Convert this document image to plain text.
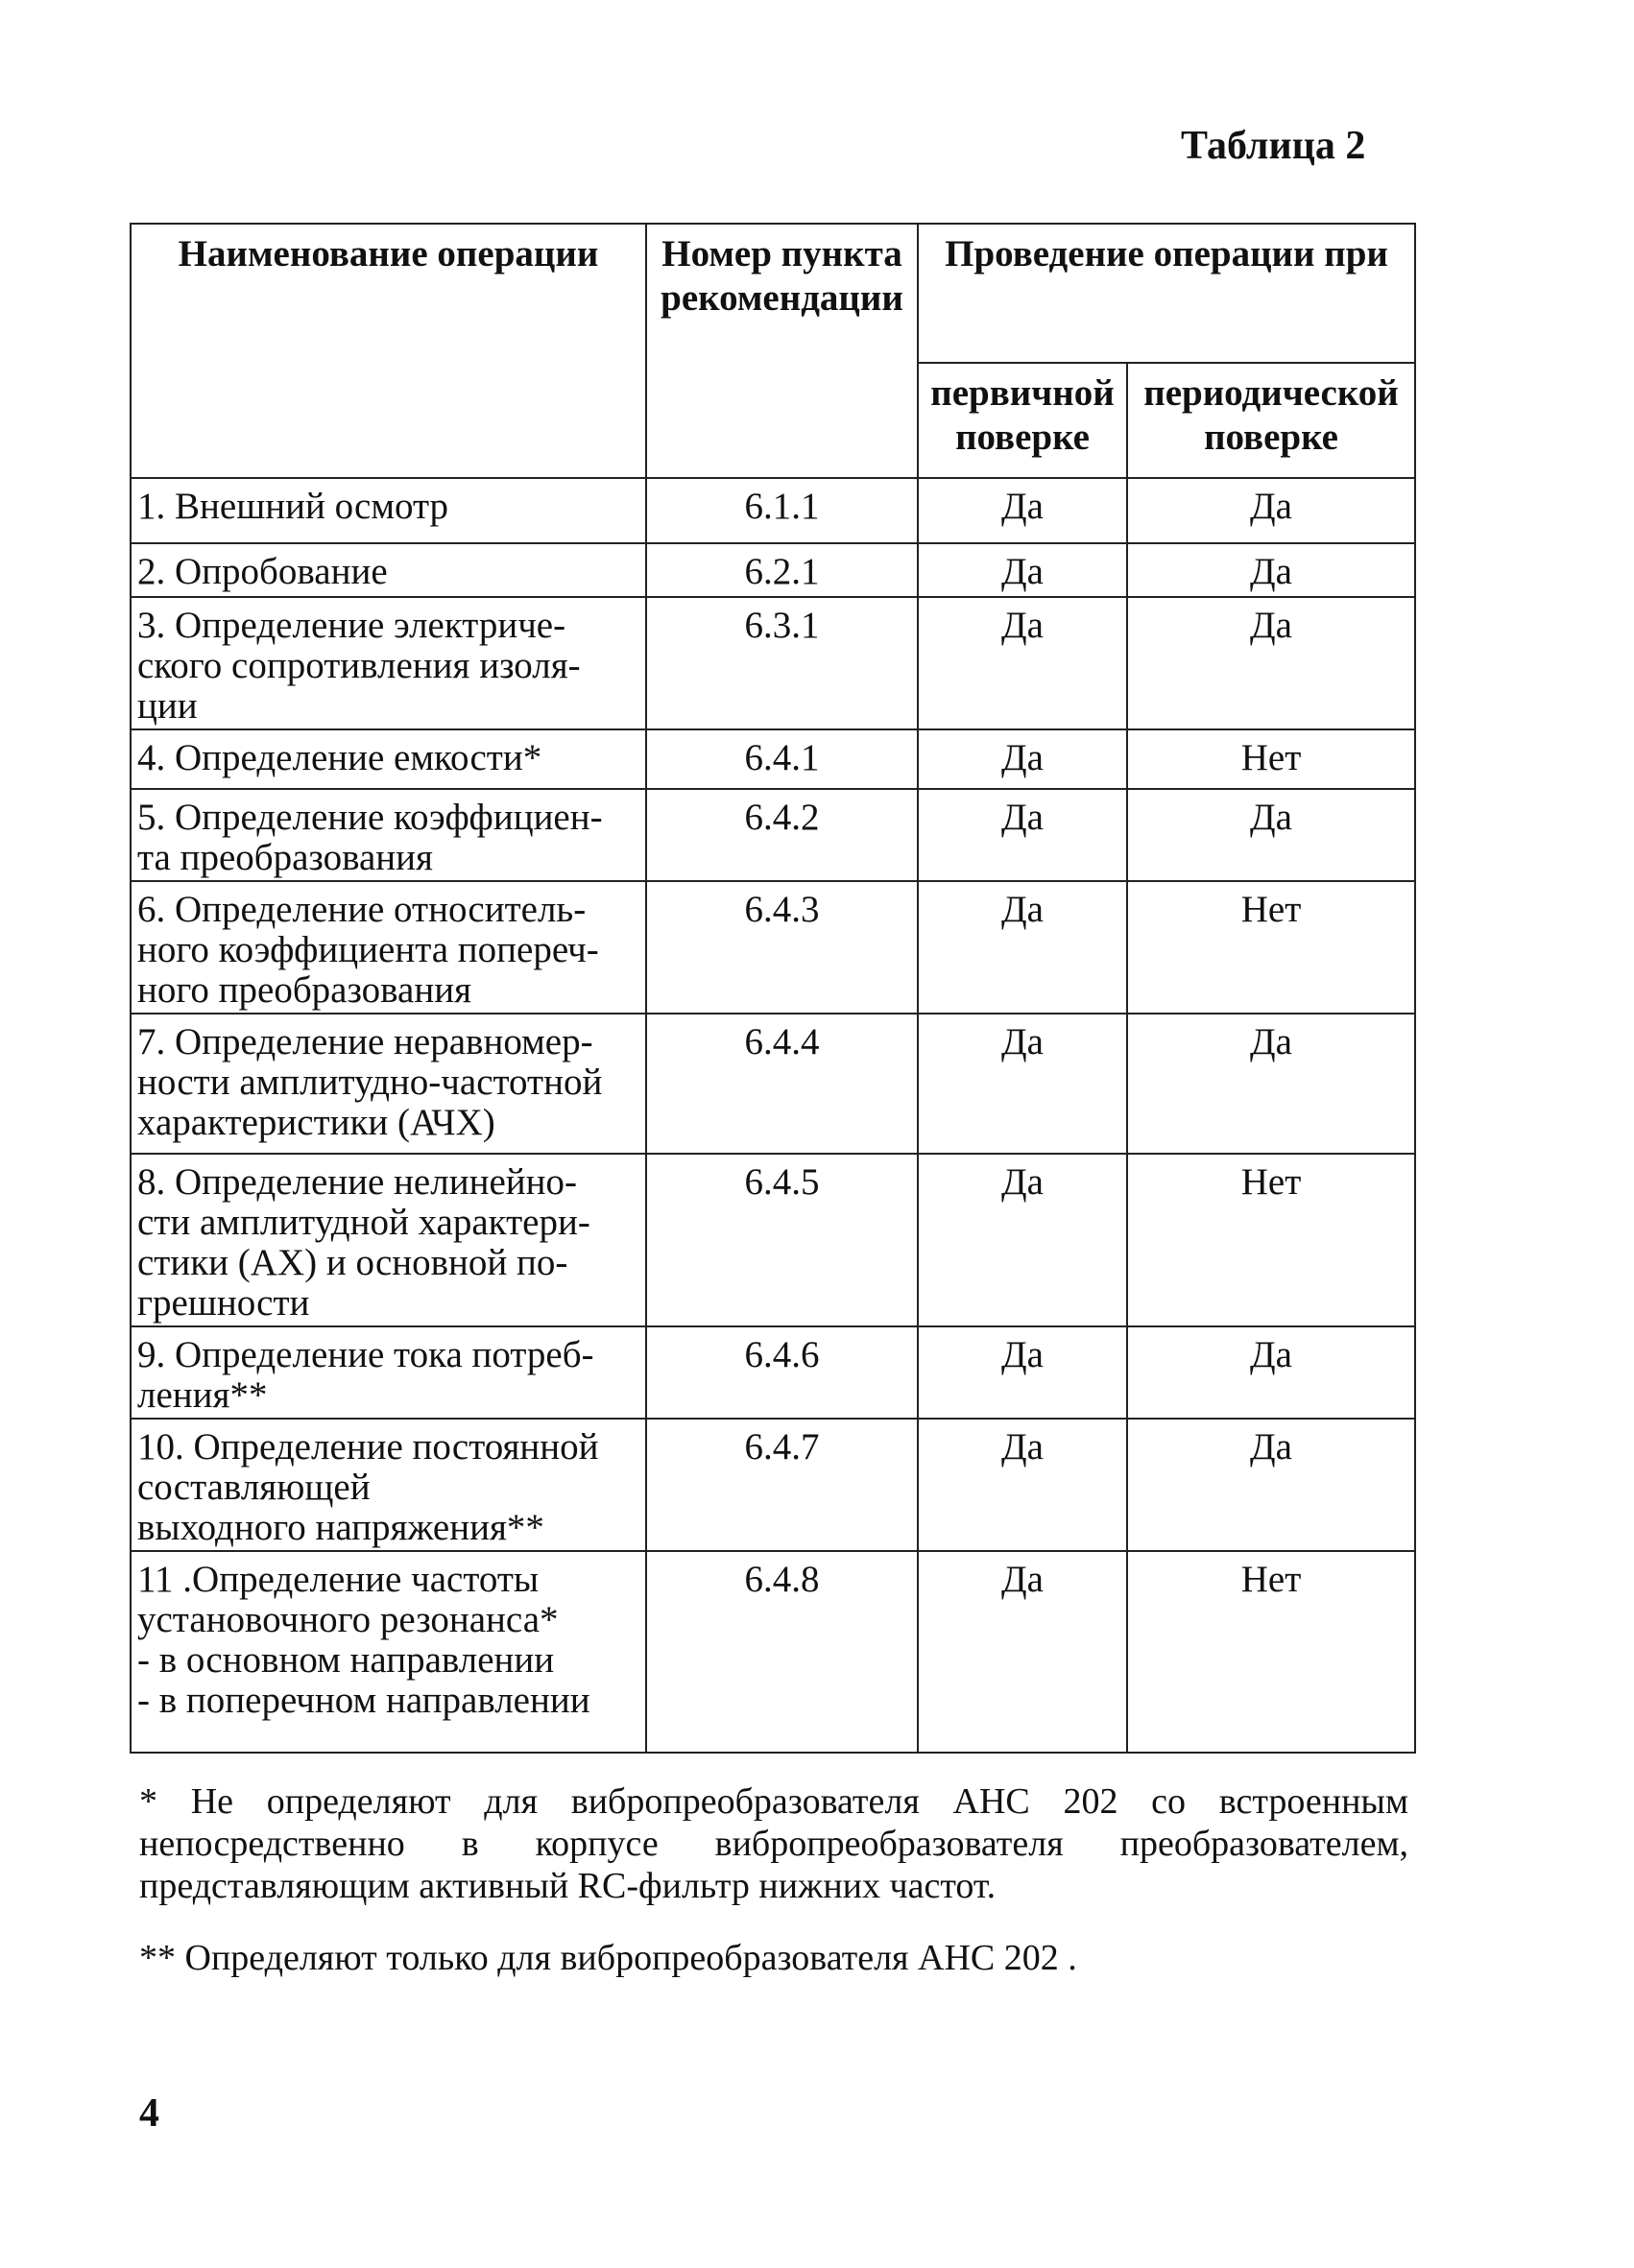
Таблица 2
Наименование операции	Номер пункта рекомендации	Проведение операции при	
		первичной поверке	периодической поверке
1. Внешний осмотр	6.1.1	Да	Да
2. Опробование	6.2.1	Да	Да
3. Определение электриче-
ского сопротивления изоля-
ции	6.3.1	Да	Да
4. Определение емкости*	6.4.1	Да	Нет
5. Определение коэффициен-
та преобразования	6.4.2	Да	Да
6. Определение относитель-
ного коэффициента попереч-
ного преобразования	6.4.3	Да	Нет
7. Определение неравномер-
ности амплитудно-частотной
характеристики (АЧХ)	6.4.4	Да	Да
8. Определение нелинейно-
сти амплитудной характери-
стики (АХ) и основной по-
грешности	6.4.5	Да	Нет
9. Определение тока потреб-
ления**	6.4.6	Да	Да
10. Определение постоянной
составляющей
выходного напряжения**	6.4.7	Да	Да
11 .Определение частоты
установочного резонанса*
- в основном направлении
- в поперечном направлении	6.4.8	Да	Нет
* Не определяют для вибропреобразователя АНС 202 со встроенным непосредственно в корпусе вибропреобразователя преобразователем, представляющим активный RC-фильтр нижних частот.
** Определяют только для вибропреобразователя АНС 202 .
4
